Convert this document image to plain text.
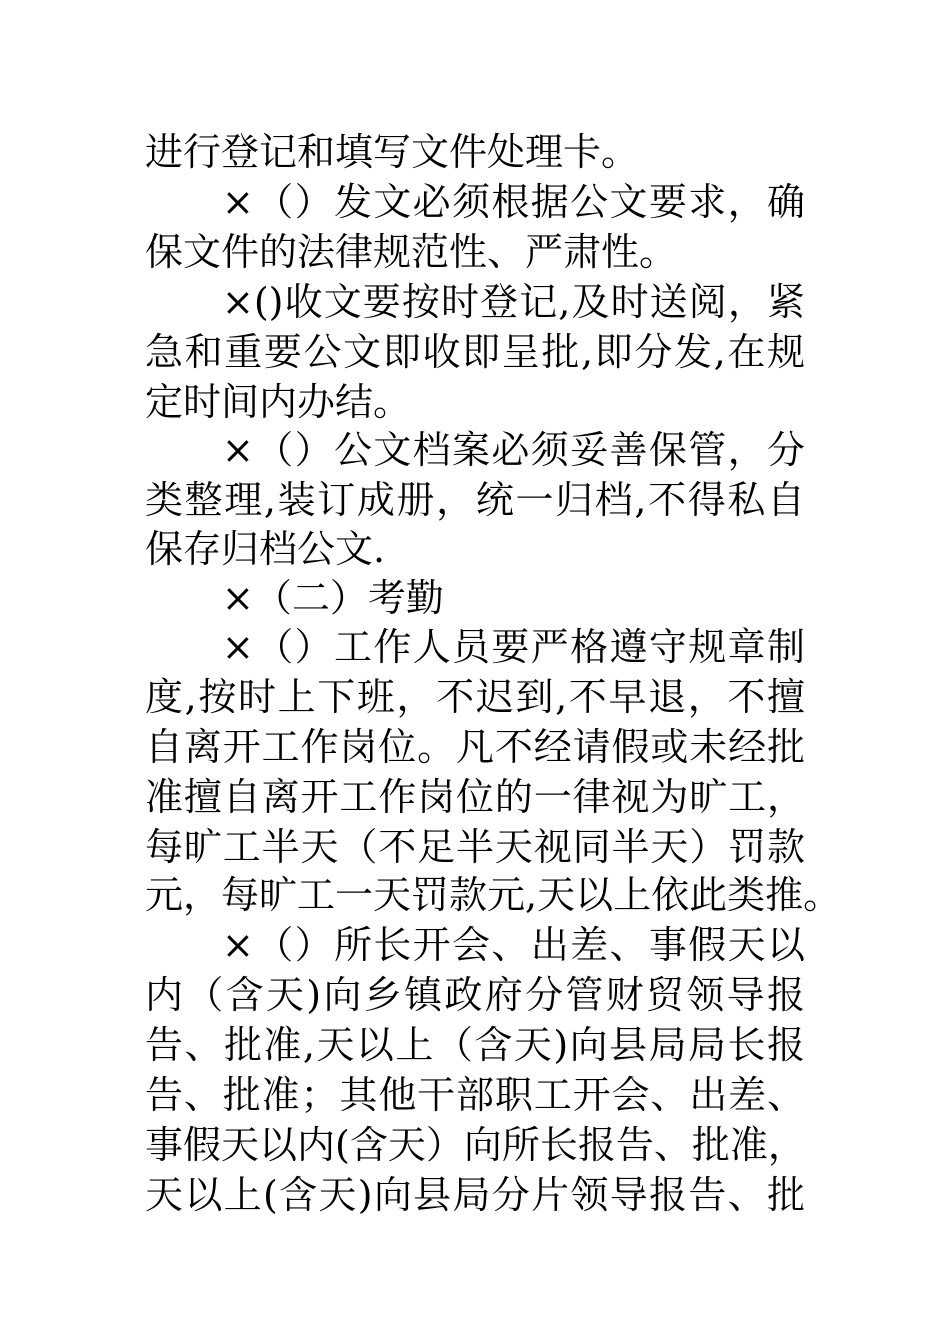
进行登记和填写文件处理卡。
×（）发文必须根据公文要求，确
保文件的法律规范性、严肃性。
×()收文要按时登记,及时送阅，紧
急和重要公文即收即呈批,即分发,在规
定时间内办结。
×（）公文档案必须妥善保管，分
类整理,装订成册，统一归档,不得私自
保存归档公文.
×（二）考勤
×（）工作人员要严格遵守规章制
度,按时上下班，不迟到,不早退，不擅
自离开工作岗位。凡不经请假或未经批
准擅自离开工作岗位的一律视为旷工，
每旷工半天（不足半天视同半天）罚款
元，每旷工一天罚款元,天以上依此类推。
×（）所长开会、出差、事假天以
内（含天)向乡镇政府分管财贸领导报
告、批准,天以上（含天)向县局局长报
告、批准；其他干部职工开会、出差、
事假天以内(含天）向所长报告、批准，
天以上(含天)向县局分片领导报告、批
